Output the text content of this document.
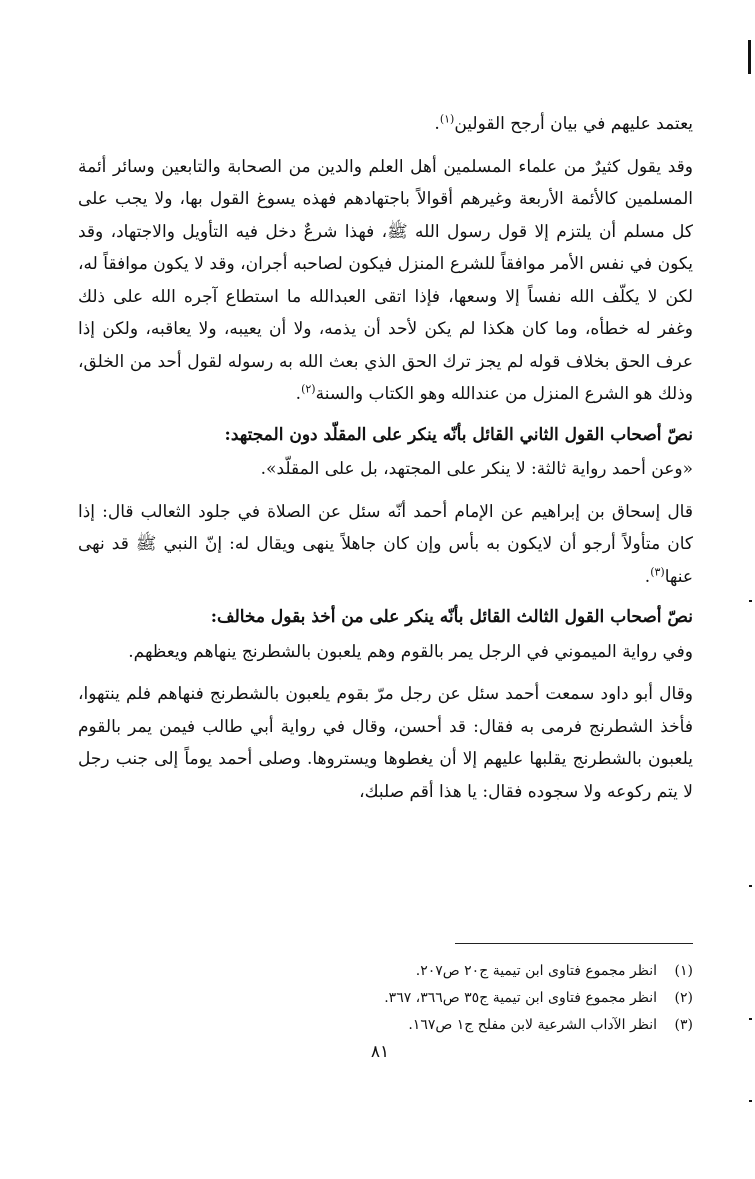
يعتمد عليهم في بيان أرجح القولين$^{(١)}$.

وقد يقول كثيرٌ من علماء المسلمين أهل العلم والدين من الصحابة والتابعين وسائر أئمة المسلمين كالأئمة الأربعة وغيرهم أقوالاً باجتهادهم فهذه يسوغ القول بها، ولا يجب على كل مسلم أن يلتزم إلا قول رسول الله ﷺ، فهذا شرعٌ دخل فيه التأويل والاجتهاد، وقد يكون في نفس الأمر موافقاً للشرع المنزل فيكون لصاحبه أجران، وقد لا يكون موافقاً له، لكن لا يكلّف الله نفساً إلا وسعها، فإذا اتقى العبدالله ما استطاع آجره الله على ذلك وغفر له خطأه، وما كان هكذا لم يكن لأحد أن يذمه، ولا أن يعيبه، ولا يعاقبه، ولكن إذا عرف الحق بخلاف قوله لم يجز ترك الحق الذي بعث الله به رسوله لقول أحد من الخلق، وذلك هو الشرع المنزل من عندالله وهو الكتاب والسنة$^{(٢)}$.

نصّ أصحاب القول الثاني القائل بأنّه ينكر على المقلّد دون المجتهد:

«وعن أحمد رواية ثالثة: لا ينكر على المجتهد، بل على المقلّد».

قال إسحاق بن إبراهيم عن الإمام أحمد أنّه سئل عن الصلاة في جلود الثعالب قال: إذا كان متأولاً أرجو أن لايكون به بأس وإن كان جاهلاً ينهى ويقال له: إنّ النبي ﷺ قد نهى عنها$^{(٣)}$.

نصّ أصحاب القول الثالث القائل بأنّه ينكر على من أخذ بقول مخالف:

وفي رواية الميموني في الرجل يمر بالقوم وهم يلعبون بالشطرنج ينهاهم ويعظهم.

وقال أبو داود سمعت أحمد سئل عن رجل مرّ بقوم يلعبون بالشطرنج فنهاهم فلم ينتهوا، فأخذ الشطرنج فرمى به فقال: قد أحسن، وقال في رواية أبي طالب فيمن يمر بالقوم يلعبون بالشطرنج يقلبها عليهم إلا أن يغطوها ويستروها. وصلى أحمد يوماً إلى جنب رجل لا يتم ركوعه ولا سجوده فقال: يا هذا أقم صلبك،

(١)انظر مجموع فتاوى ابن تيمية ج٢٠ ص٢٠٧.

(٢)انظر مجموع فتاوى ابن تيمية ج٣٥ ص٣٦٦، ٣٦٧.

(٣)انظر الآداب الشرعية لابن مفلح ج١ ص١٦٧.

٨١
